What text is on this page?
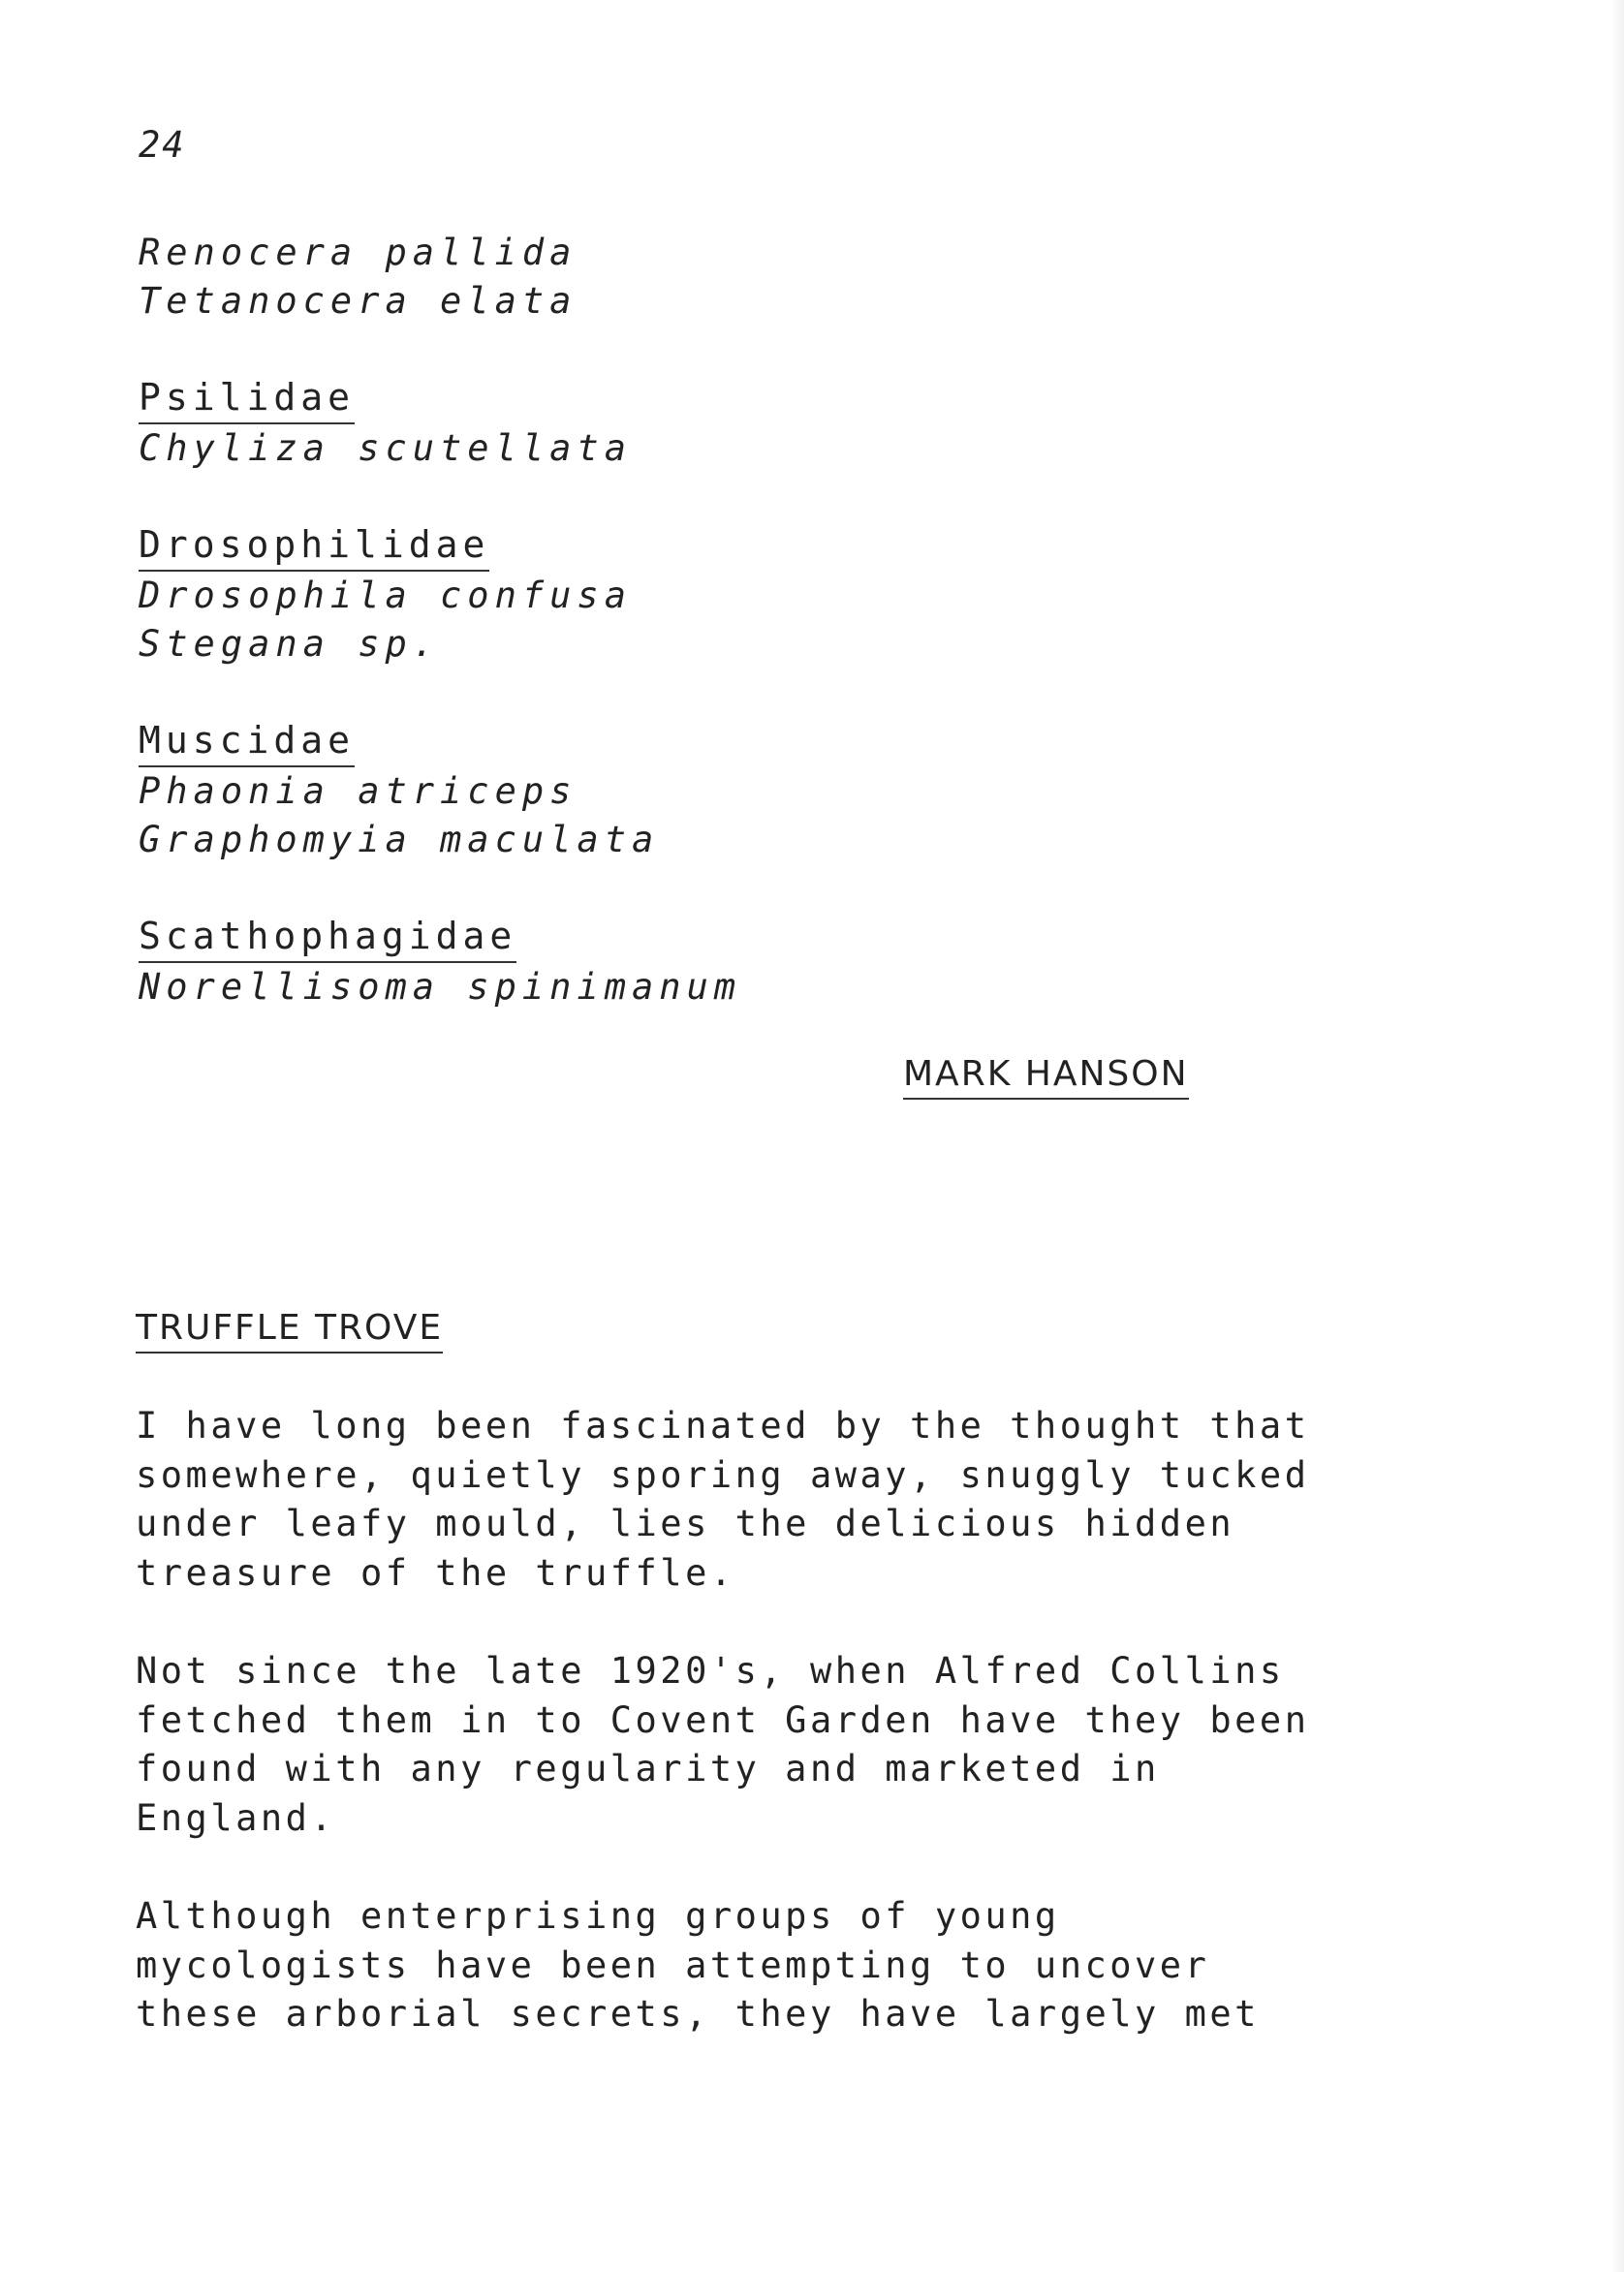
24
Renocera pallida
Tetanocera elata
Psilidae
Chyliza scutellata
Drosophilidae
Drosophila confusa
Stegana sp.
Muscidae
Phaonia atriceps
Graphomyia maculata
Scathophagidae
Norellisoma spinimanum
MARK HANSON
TRUFFLE TROVE
I have long been fascinated by the thought that
somewhere, quietly sporing away, snuggly tucked
under leafy mould, lies the delicious hidden
treasure of the truffle.
Not since the late 1920's, when Alfred Collins
fetched them in to Covent Garden have they been
found with any regularity and marketed in
England.
Although enterprising groups of young
mycologists have been attempting to uncover
these arborial secrets, they have largely met
